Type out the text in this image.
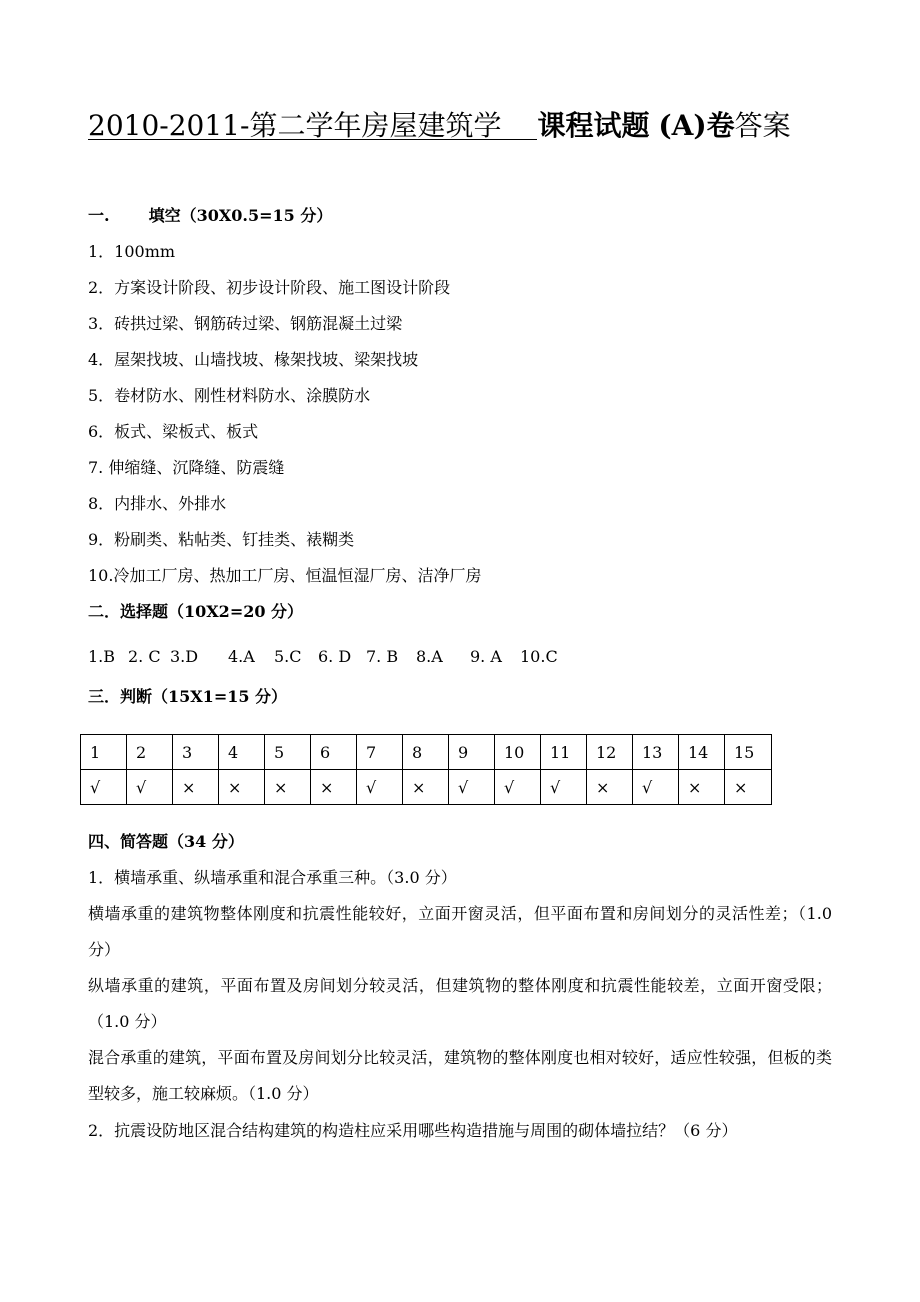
2010-2011-第二学年房屋建筑学 课程试题 (A)卷答案
一.       填空（30X0.5=15 分）
1．100mm
2．方案设计阶段、初步设计阶段、施工图设计阶段
3．砖拱过梁、钢筋砖过梁、钢筋混凝土过梁
4．屋架找坡、山墙找坡、椽架找坡、梁架找坡
5．卷材防水、刚性材料防水、涂膜防水
6．板式、梁板式、板式
7. 伸缩缝、沉降缝、防震缝
8．内排水、外排水
9．粉刷类、粘帖类、钉挂类、裱糊类
10.冷加工厂房、热加工厂房、恒温恒湿厂房、洁净厂房
二．选择题（10X2=20 分）
1.B 2. C 3.D 4.A 5.C 6. D 7. B 8.A 9. A 10.C
三．判断（15X1=15 分）
1	2	3	4	5	6	7	8	9	10	11	12	13	14	15
√	√	×	×	×	×	√	×	√	√	√	×	√	×	×
四、简答题（34 分）
1．横墙承重、纵墙承重和混合承重三种。（3.0 分）
横墙承重的建筑物整体刚度和抗震性能较好，立面开窗灵活，但平面布置和房间划分的灵活性差；（1.0 分）
纵墙承重的建筑，平面布置及房间划分较灵活，但建筑物的整体刚度和抗震性能较差，立面开窗受限；（1.0 分）
混合承重的建筑，平面布置及房间划分比较灵活，建筑物的整体刚度也相对较好，适应性较强，但板的类型较多，施工较麻烦。（1.0 分）
2．抗震设防地区混合结构建筑的构造柱应采用哪些构造措施与周围的砌体墙拉结？（6 分）
